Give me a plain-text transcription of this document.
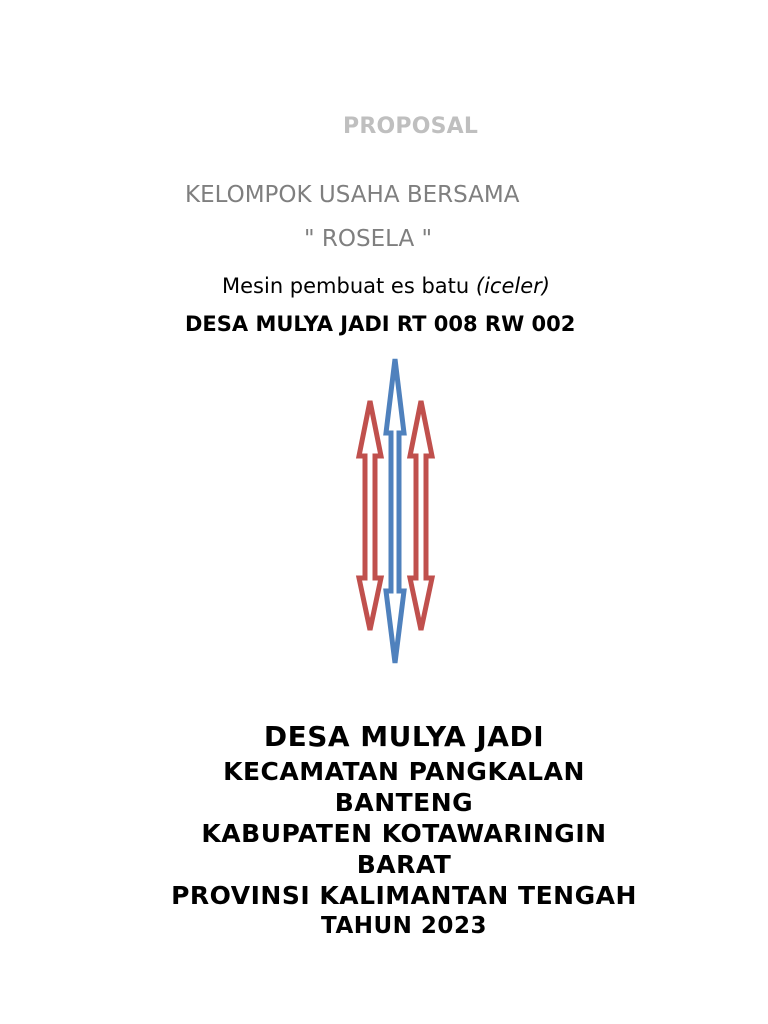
PROPOSAL

KELOMPOK USAHA BERSAMA

" ROSELA "

Mesin pembuat es batu (iceler)

DESA MULYA JADI RT 008 RW 002

DESA MULYA JADI
KECAMATAN PANGKALAN
BANTENG
KABUPATEN KOTAWARINGIN
BARAT
PROVINSI KALIMANTAN TENGAH
TAHUN 2023
